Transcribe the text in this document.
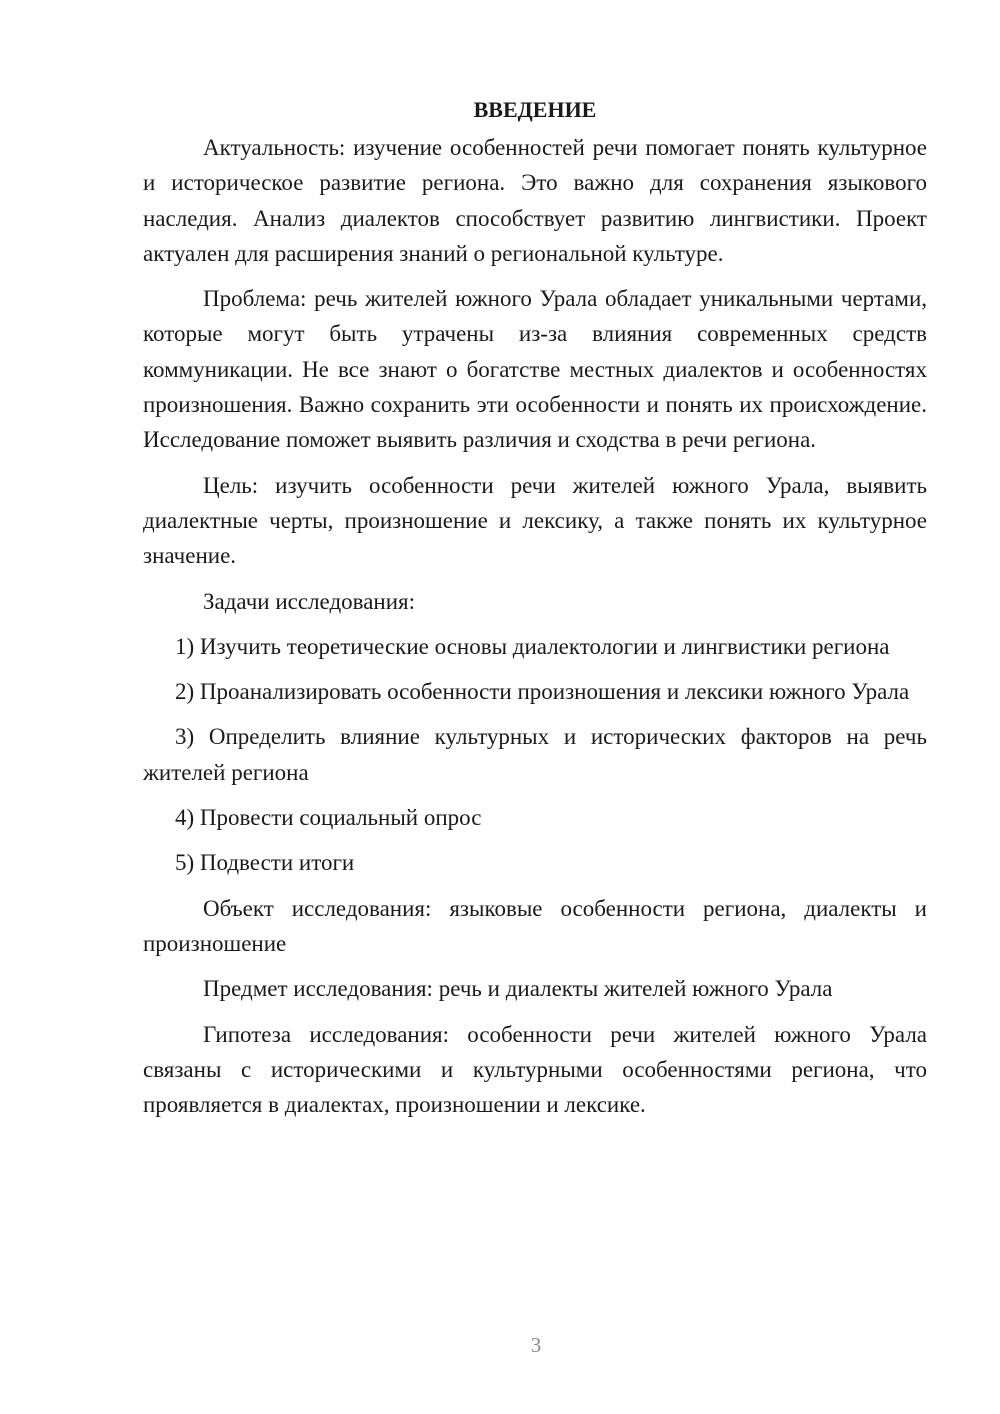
ВВЕДЕНИЕ

Актуальность: изучение особенностей речи помогает понять культурное и историческое развитие региона. Это важно для сохранения языкового наследия. Анализ диалектов способствует развитию лингвистики. Проект актуален для расширения знаний о региональной культуре.

Проблема: речь жителей южного Урала обладает уникальными чертами, которые могут быть утрачены из-за влияния современных средств коммуникации. Не все знают о богатстве местных диалектов и особенностях произношения. Важно сохранить эти особенности и понять их происхождение. Исследование поможет выявить различия и сходства в речи региона.

Цель: изучить особенности речи жителей южного Урала, выявить диалектные черты, произношение и лексику, а также понять их культурное значение.

Задачи исследования:

1) Изучить теоретические основы диалектологии и лингвистики региона

2) Проанализировать особенности произношения и лексики южного Урала

3) Определить влияние культурных и исторических факторов на речь жителей региона

4) Провести социальный опрос

5) Подвести итоги

Объект исследования: языковые особенности региона, диалекты и произношение

Предмет исследования: речь и диалекты жителей южного Урала

Гипотеза исследования: особенности речи жителей южного Урала связаны с историческими и культурными особенностями региона, что проявляется в диалектах, произношении и лексике.

3
